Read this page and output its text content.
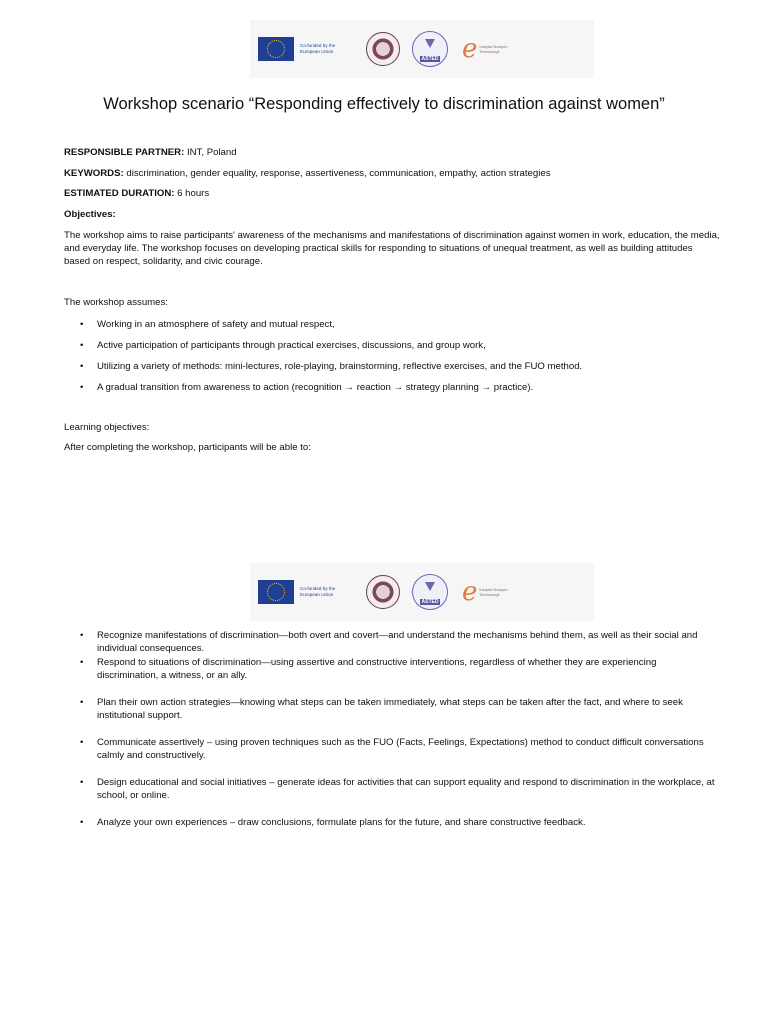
Co-funded by the European Union
ASTED e Instytut Nowych Technologii
Workshop scenario “Responding effectively to discrimination against women”

RESPONSIBLE PARTNER: INT, Poland

KEYWORDS: discrimination, gender equality, response, assertiveness, communication, empathy, action strategies

ESTIMATED DURATION: 6 hours

Objectives:

The workshop aims to raise participants' awareness of the mechanisms and manifestations of discrimination against women in work, education, the media, and everyday life. The workshop focuses on developing practical skills for responding to situations of unequal treatment, as well as building attitudes based on respect, solidarity, and civic courage.

The workshop assumes:

• Working in an atmosphere of safety and mutual respect,
• Active participation of participants through practical exercises, discussions, and group work,
• Utilizing a variety of methods: mini-lectures, role-playing, brainstorming, reflective exercises, and the FUO method.
• A gradual transition from awareness to action (recognition → reaction → strategy planning → practice).

Learning objectives:

After completing the workshop, participants will be able to:

Co-funded by the European Union
ASTED e Instytut Nowych Technologii
• Recognize manifestations of discrimination—both overt and covert—and understand the mechanisms behind them, as well as their social and individual consequences.
• Respond to situations of discrimination—using assertive and constructive interventions, regardless of whether they are experiencing discrimination, a witness, or an ally.
• Plan their own action strategies—knowing what steps can be taken immediately, what steps can be taken after the fact, and where to seek institutional support.
• Communicate assertively – using proven techniques such as the FUO (Facts, Feelings, Expectations) method to conduct difficult conversations calmly and constructively.
• Design educational and social initiatives – generate ideas for activities that can support equality and respond to discrimination in the workplace, at school, or online.
• Analyze your own experiences – draw conclusions, formulate plans for the future, and share constructive feedback.
